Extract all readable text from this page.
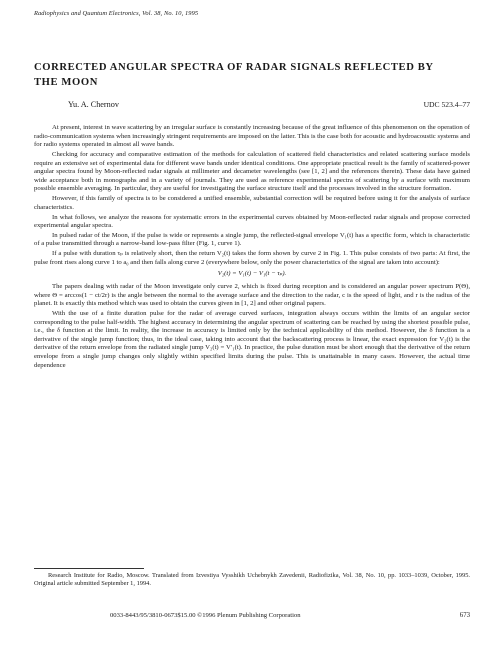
Radiophysics and Quantum Electronics, Vol. 38, No. 10, 1995
CORRECTED ANGULAR SPECTRA OF RADAR SIGNALS REFLECTED BY THE MOON
Yu. A. Chernov	UDC 523.4–77

At present, interest in wave scattering by an irregular surface is constantly increasing because of the great influence of this phenomenon on the operation of radio-communication systems when increasingly stringent requirements are imposed on the latter. This is the case both for acoustic and hydroacoustic systems and for radio systems operated in almost all wave bands.

Checking for accuracy and comparative estimation of the methods for calculation of scattered field characteristics and related scattering surface models require an extensive set of experimental data for different wave bands under identical conditions. One appropriate practical result is the family of scattered-power angular spectra found by Moon-reflected radar signals at millimeter and decameter wavelengths (see [1, 2] and the references therein). These data have gained wide acceptance both in monographs and in a variety of journals. They are used as reference experimental spectra of scattering by a surface with maximum possible ensemble averaging. In particular, they are useful for investigating the surface structure itself and the processes involved in the structure formation.

However, if this family of spectra is to be considered a unified ensemble, substantial correction will be required before using it for the analysis of surface characteristics.

In what follows, we analyze the reasons for systematic errors in the experimental curves obtained by Moon-reflected radar signals and propose corrected experimental angular spectra.

In pulsed radar of the Moon, if the pulse is wide or represents a single jump, the reflected-signal envelope V₁(t) has a specific form, which is characteristic of a pulse transmitted through a narrow-band low-pass filter (Fig. 1, curve 1).

If a pulse with duration τₚ is relatively short, then the return V₂(t) takes the form shown by curve 2 in Fig. 1. This pulse consists of two parts: At first, the pulse front rises along curve 1 to a₀ and then falls along curve 2 (everywhere below, only the power characteristics of the signal are taken into account):

V₂(t) = V₁(t) − V₁(t − τₚ).

The papers dealing with radar of the Moon investigate only curve 2, which is fixed during reception and is considered an angular power spectrum P(Θ), where Θ = arccos(1 − ct/2r) is the angle between the normal to the average surface and the direction to the radar, c is the speed of light, and r is the radius of the planet. It is exactly this method which was used to obtain the curves given in [1, 2] and other original papers.

With the use of a finite duration pulse for the radar of average curved surfaces, integration always occurs within the limits of an angular sector corresponding to the pulse half-width. The highest accuracy in determining the angular spectrum of scattering can be reached by using the shortest possible pulse, i.e., the δ function at the limit. In reality, the increase in accuracy is limited only by the technical applicability of this method. However, the δ function is a derivative of the single jump function; thus, in the ideal case, taking into account that the backscattering process is linear, the exact expression for V₂(t) is the derivative of the return envelope from the radiated single jump V₂(t) = V′₁(t). In practice, the pulse duration must be short enough that the derivative of the return envelope from a single jump changes only slightly within specified limits during the pulse. This is unattainable in many cases. However, the actual time dependence

Research Institute for Radio, Moscow. Translated from Izvestiya Vysshikh Uchebnykh Zavedenii, Radiofizika, Vol. 38, No. 10, pp. 1033–1039, October, 1995. Original article submitted September 1, 1994.
0033-8443/95/3810-0673$15.00 ©1996 Plenum Publishing Corporation	673
